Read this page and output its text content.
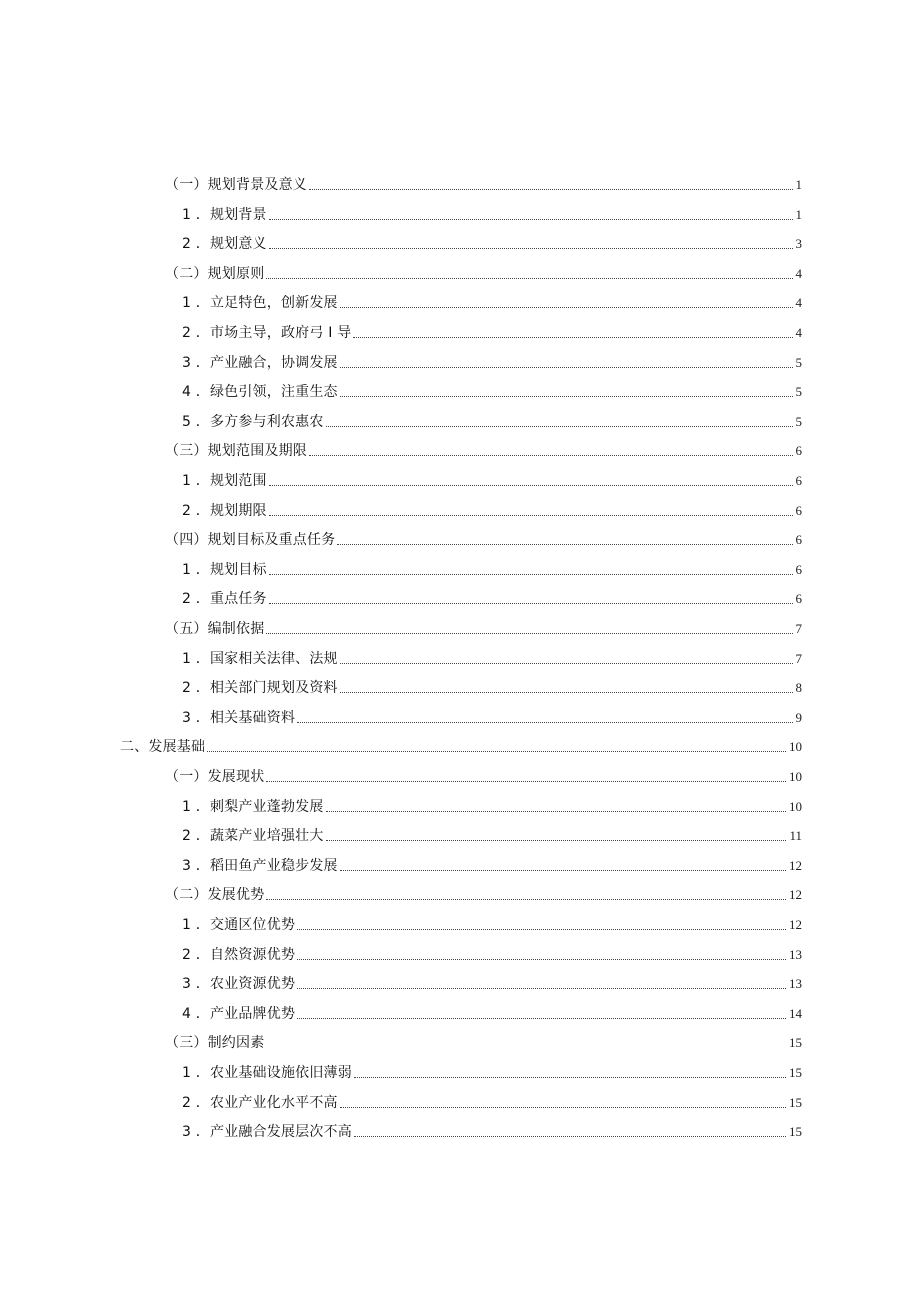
（一）规划背景及意义	1
1 ．规划背景	1
2 ．规划意义	3
（二）规划原则	4
1 ．立足特色，创新发展	4
2 ．市场主导，政府弓 I 导	4
3 ．产业融合，协调发展	5
4 ．绿色引领，注重生态	5
5 ．多方参与利农惠农	5
（三）规划范围及期限	6
1 ．规划范围	6
2 ．规划期限	6
（四）规划目标及重点任务	6
1 ．规划目标	6
2 ．重点任务	6
（五）编制依据	7
1 ．国家相关法律、法规	7
2 ．相关部门规划及资料	8
3 ．相关基础资料	9
二、发展基础	10
（一）发展现状	10
1 ．刺梨产业蓬勃发展	10
2 ．蔬菜产业培强壮大	11
3 ．稻田鱼产业稳步发展	12
（二）发展优势	12
1 ．交通区位优势	12
2 ．自然资源优势	13
3 ．农业资源优势	13
4 ．产业品牌优势	14
（三）制约因素	15
1 ．农业基础设施依旧薄弱	15
2 ．农业产业化水平不高	15
3 ．产业融合发展层次不高	15
